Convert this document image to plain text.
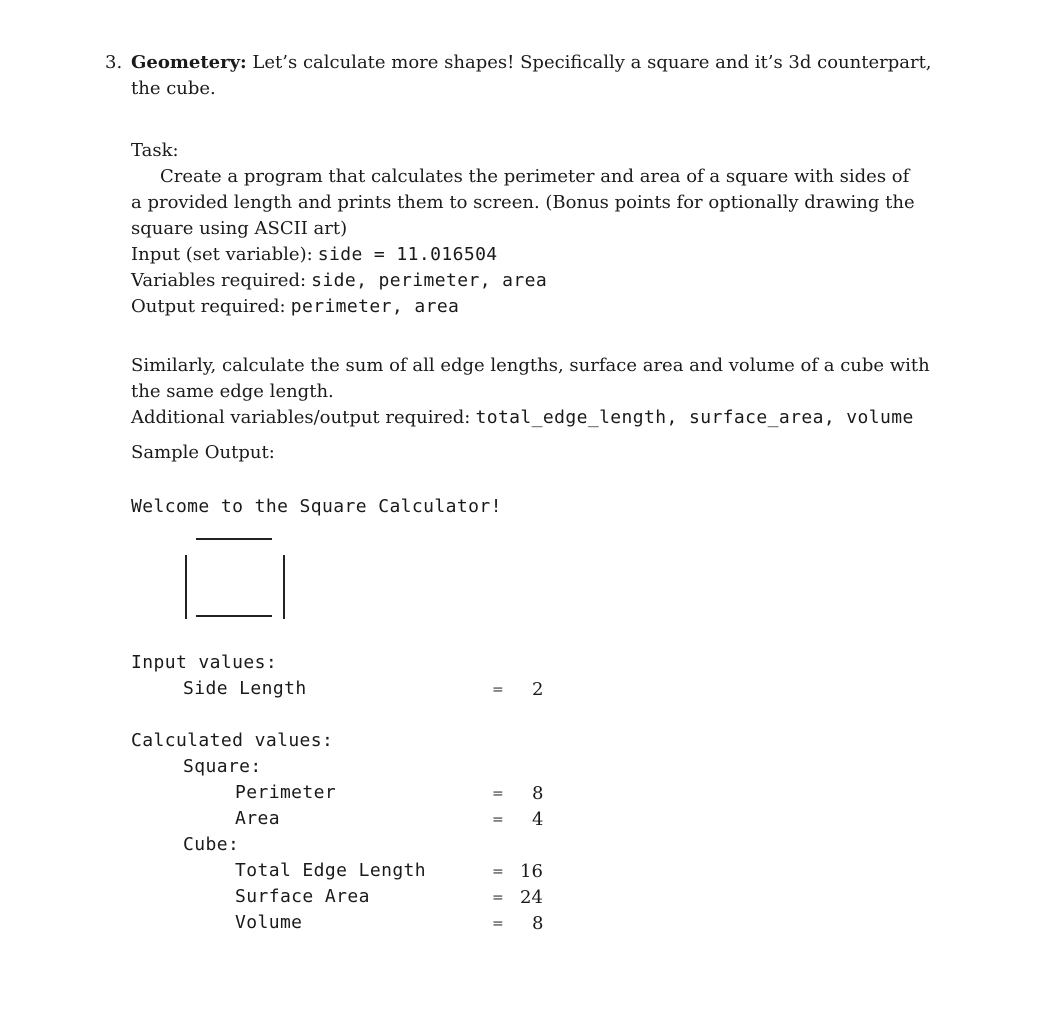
3. Geometery: Let’s calculate more shapes! Specifically a square and it’s 3d counterpart,
the cube.
Task:
Create a program that calculates the perimeter and area of a square with sides of
a provided length and prints them to screen. (Bonus points for optionally drawing the
square using ASCII art)
Input (set variable): side = 11.016504
Variables required: side, perimeter, area
Output required: perimeter, area
Similarly, calculate the sum of all edge lengths, surface area and volume of a cube with
the same edge length.
Additional variables/output required: total_edge_length, surface_area, volume
Sample Output:
Welcome to the Square Calculator!
Input values:
Side Length	= 2
Calculated values:
Square:
Perimeter	= 8
Area	= 4
Cube:
Total Edge Length	= 16
Surface Area	= 24
Volume	= 8
